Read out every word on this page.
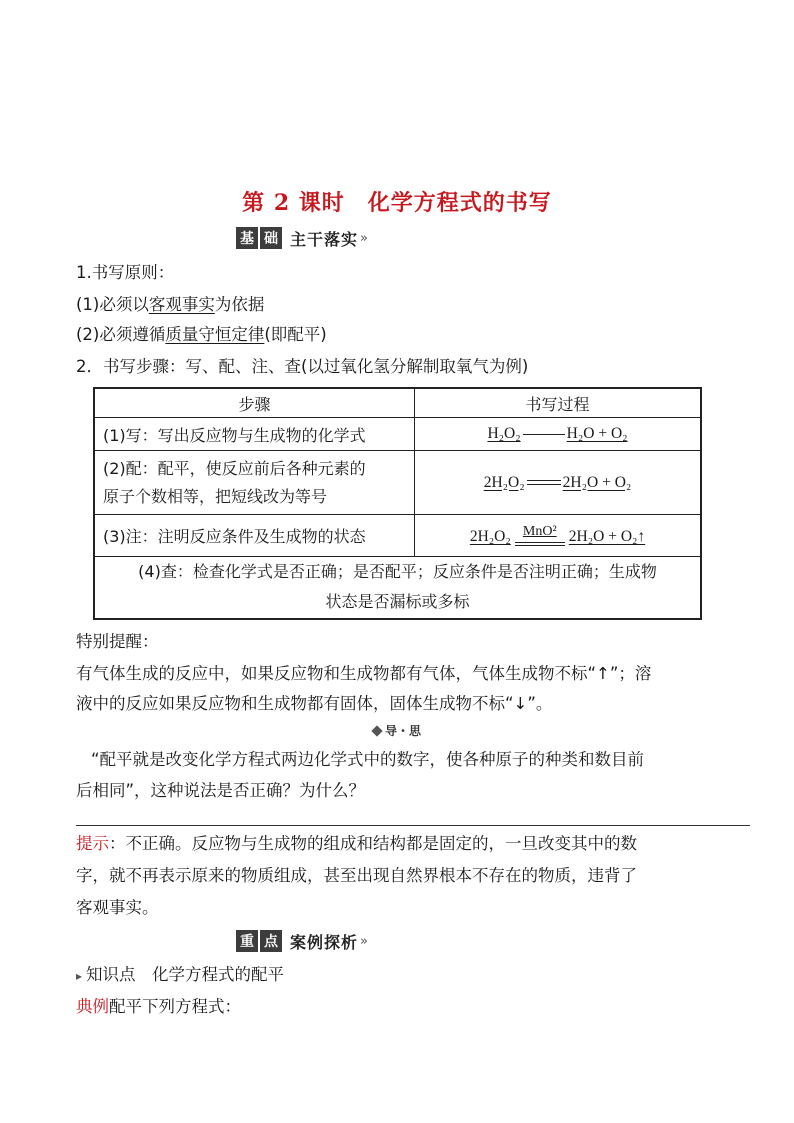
第 2 课时　化学方程式的书写
基 础 主干落实 »
1.书写原则：
(1)必须以客观事实为依据
(2)必须遵循质量守恒定律(即配平)
2．书写步骤：写、配、注、查(以过氧化氢分解制取氧气为例)
步骤	书写过程
(1)写：写出反应物与生成物的化学式	H₂O₂ H₂O + O₂

(2)配：配平，使反应前后各种元素的
原子个数相等，把短线改为等号	2H₂O₂ 2H₂O + O₂
(3)注：注明反应条件及生成物的状态	2H₂O₂ MnO² 2H₂O + O₂↑

(4)查：检查化学式是否正确；是否配平；反应条件是否注明正确；生成物
状态是否漏标或多标	
特别提醒：
有气体生成的反应中，如果反应物和生成物都有气体，气体生成物不标“↑”；溶
液中的反应如果反应物和生成物都有固体，固体生成物不标“↓”。
导・思
“配平就是改变化学方程式两边化学式中的数字，使各种原子的种类和数目前
后相同”，这种说法是否正确？为什么？
提示：不正确。反应物与生成物的组成和结构都是固定的，一旦改变其中的数
字，就不再表示原来的物质组成，甚至出现自然界根本不存在的物质，违背了
客观事实。
重 点 案例探析 »
▸ 知识点　化学方程式的配平
典例配平下列方程式：
